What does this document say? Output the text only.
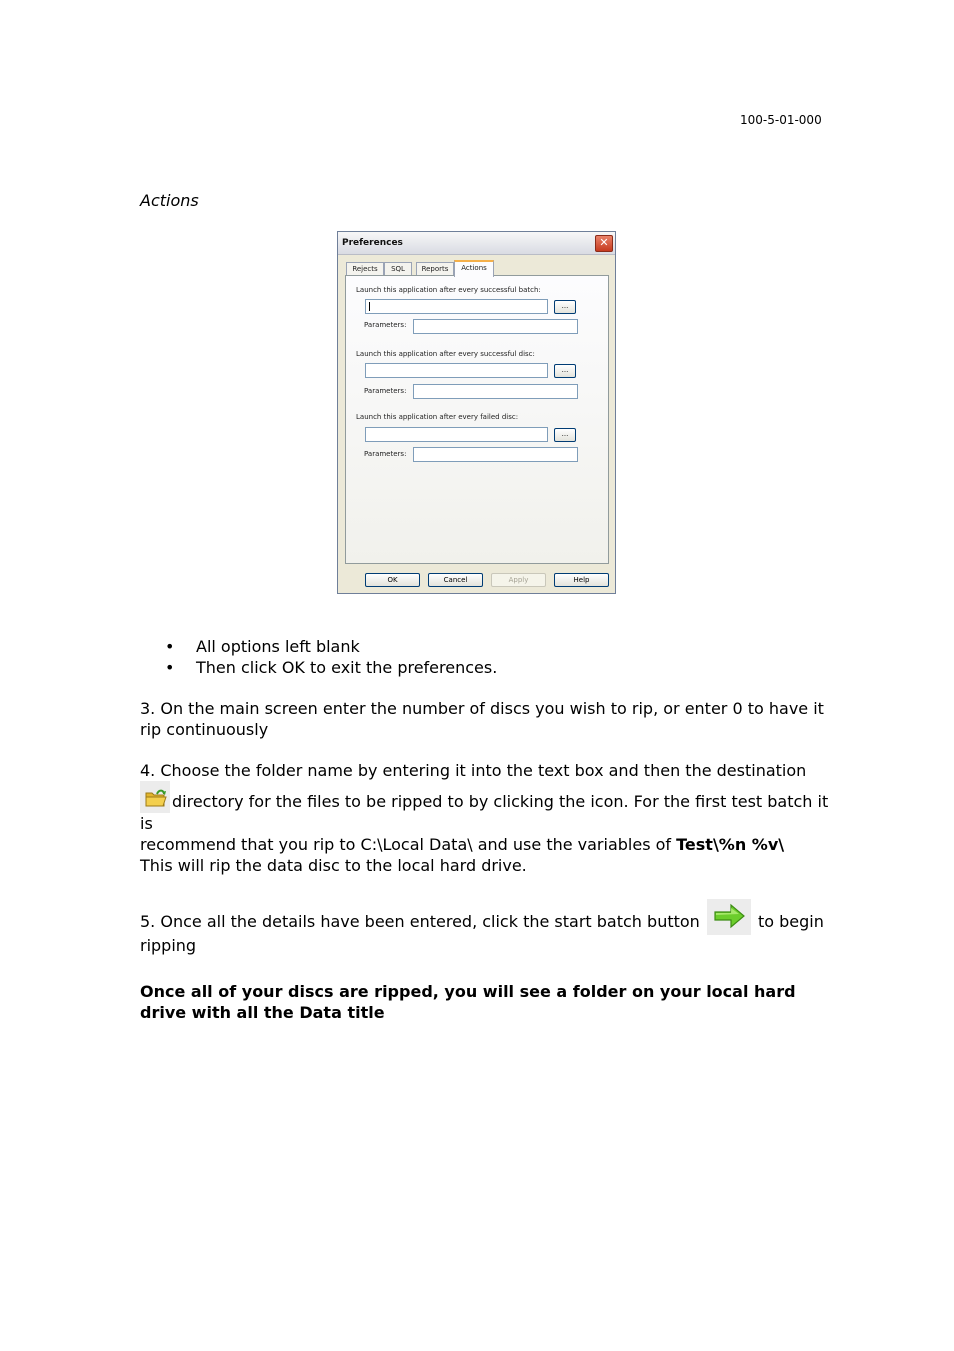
100-5-01-000
Actions
Preferences	✕
Rejects	SQL	Reports	Actions
Launch this application after every successful batch:
...
Parameters:
Launch this application after every successful disc:
...
Parameters:
Launch this application after every failed disc:
...
Parameters:
OK	Cancel	Apply	Help
• All options left blank
• Then click OK to exit the preferences.

3. On the main screen enter the number of discs you wish to rip, or enter 0 to have it rip continuously

4. Choose the folder name by entering it into the text box and then the destination
directory for the files to be ripped to by clicking the icon. For the first test batch it is
recommend that you rip to C:\Local Data\ and use the variables of Test\%n %v\
This will rip the data disc to the local hard drive.
5. Once all the details have been entered, click the start batch button	to begin ripping

Once all of your discs are ripped, you will see a folder on your local hard drive with all the Data title
